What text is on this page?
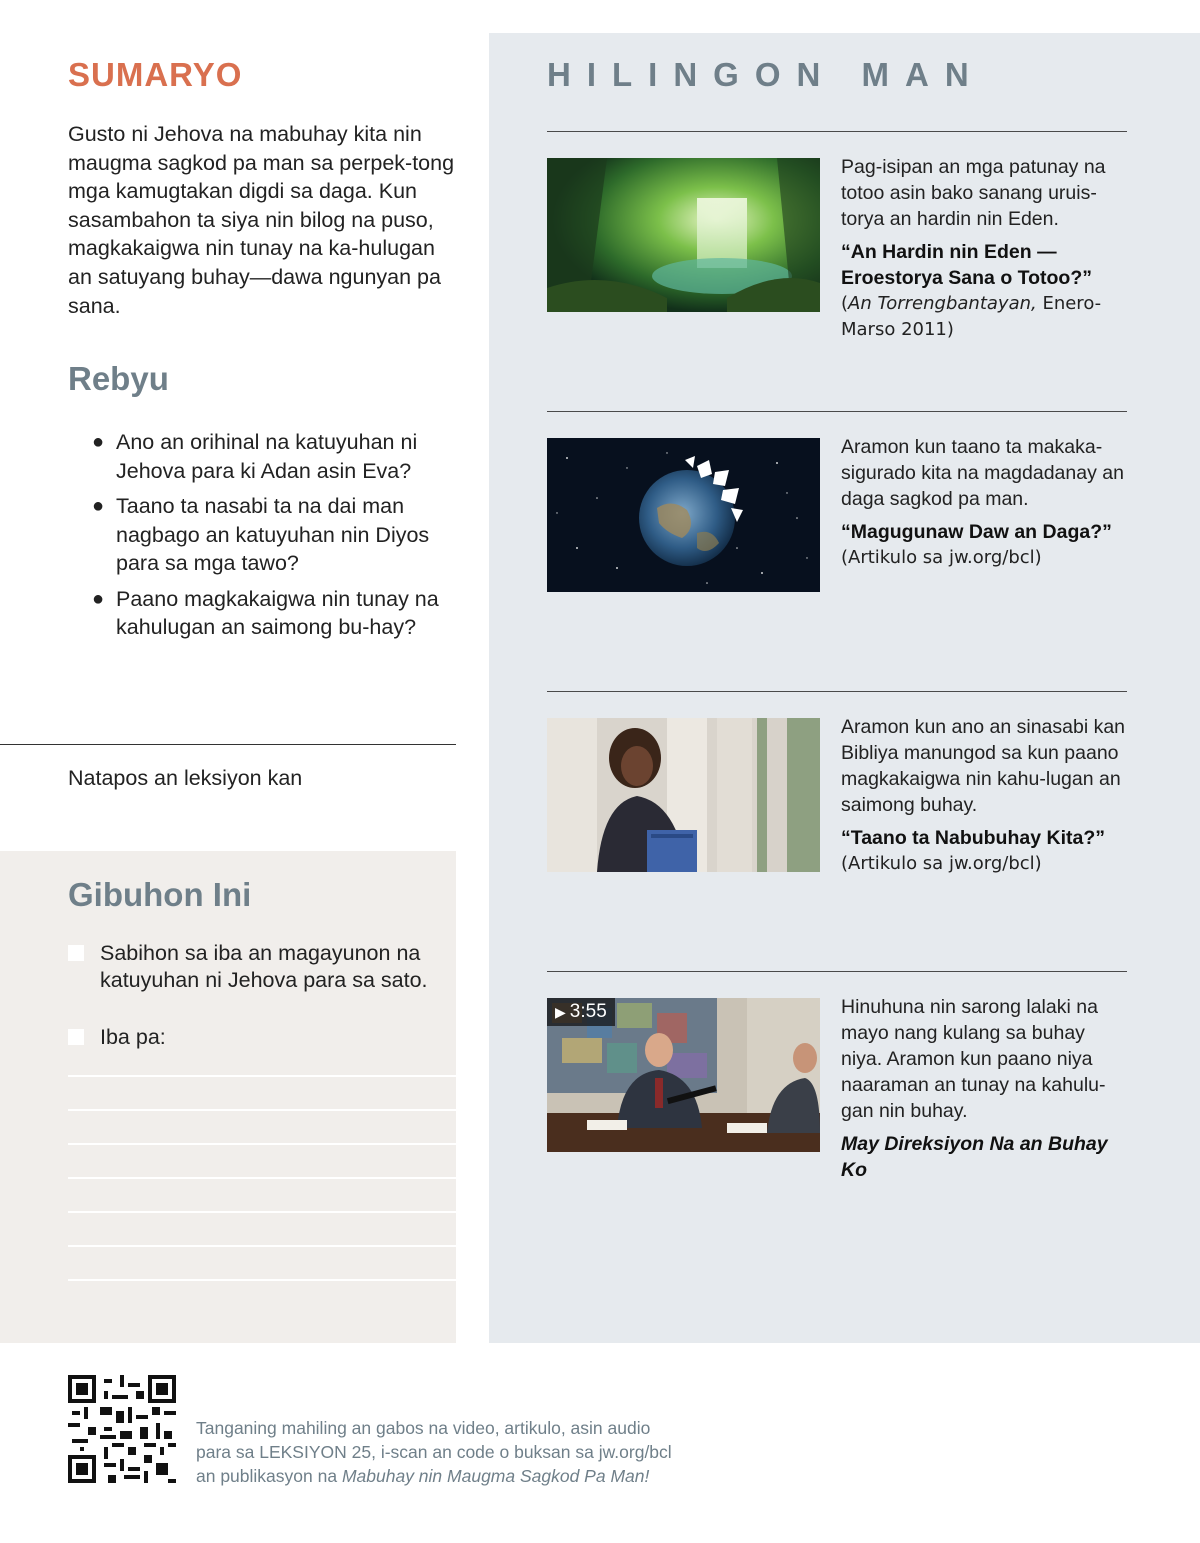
SUMARYO

Gusto ni Jehova na mabuhay kita nin maugma sagkod pa man sa perpek-tong mga kamugtakan digdi sa daga. Kun sasambahon ta siya nin bilog na puso, magkakaigwa nin tunay na ka-hulugan an satuyang buhay—dawa ngunyan pa sana.

Rebyu
● Ano an orihinal na katuyuhan ni Jehova para ki Adan asin Eva?
● Taano ta nasabi ta na dai man nagbago an katuyuhan nin Diyos para sa mga tawo?
● Paano magkakaigwa nin tunay na kahulugan an saimong bu-hay?
Natapos an leksiyon kan
Gibuhon Ini
Sabihon sa iba an magayunon na katuyuhan ni Jehova para sa sato.
Iba pa:
HILINGON MAN

Pag-isipan an mga patunay na totoo asin bako sanang uruis-torya an hardin nin Eden.

“An Hardin nin Eden —Eroestorya Sana o Totoo?”

(An Torrengbantayan, Enero-Marso 2011)

Aramon kun taano ta makaka-sigurado kita na magdadanay an daga sagkod pa man.

“Magugunaw Daw an Daga?”

(Artikulo sa jw.org/bcl)

Aramon kun ano an sinasabi kan Bibliya manungod sa kun paano magkakaigwa nin kahu-lugan an saimong buhay.

“Taano ta Nabubuhay Kita?”

(Artikulo sa jw.org/bcl)

▶ 3:55	Hinuhuna nin sarong lalaki na mayo nang kulang sa buhay niya. Aramon kun paano niya naaraman an tunay na kahulu-gan nin buhay.

May Direksiyon Na an Buhay Ko

Tanganing mahiling an gabos na video, artikulo, asin audio
para sa LEKSIYON 25, i-scan an code o buksan sa jw.org/bcl
an publikasyon na Mabuhay nin Maugma Sagkod Pa Man!
